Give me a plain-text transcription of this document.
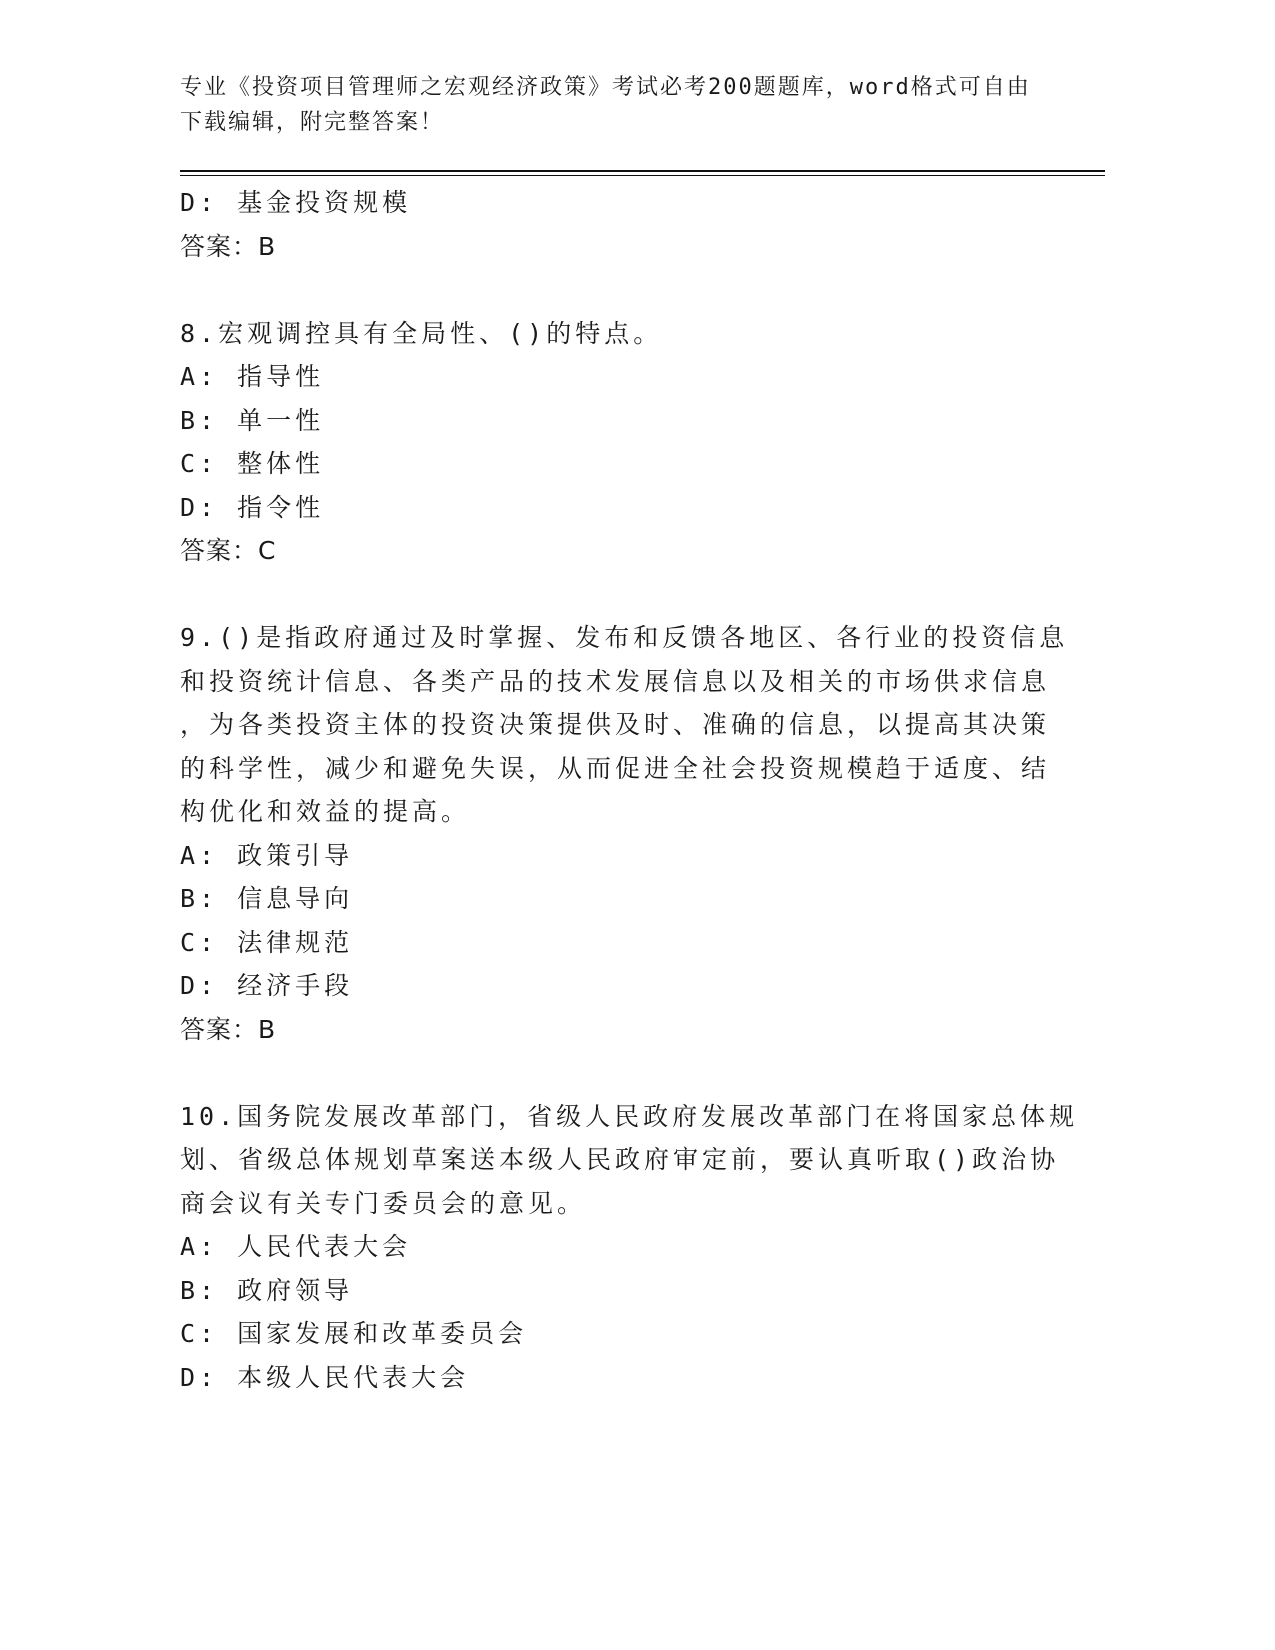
专业《投资项目管理师之宏观经济政策》考试必考200题题库，word格式可自由
下载编辑，附完整答案！
D: 基金投资规模
答案：B
8.宏观调控具有全局性、()的特点。
A: 指导性
B: 单一性
C: 整体性
D: 指令性
答案：C
9.()是指政府通过及时掌握、发布和反馈各地区、各行业的投资信息
和投资统计信息、各类产品的技术发展信息以及相关的市场供求信息
，为各类投资主体的投资决策提供及时、准确的信息，以提高其决策
的科学性，减少和避免失误，从而促进全社会投资规模趋于适度、结
构优化和效益的提高。
A: 政策引导
B: 信息导向
C: 法律规范
D: 经济手段
答案：B
10.国务院发展改革部门，省级人民政府发展改革部门在将国家总体规
划、省级总体规划草案送本级人民政府审定前，要认真听取()政治协
商会议有关专门委员会的意见。
A: 人民代表大会
B: 政府领导
C: 国家发展和改革委员会
D: 本级人民代表大会
